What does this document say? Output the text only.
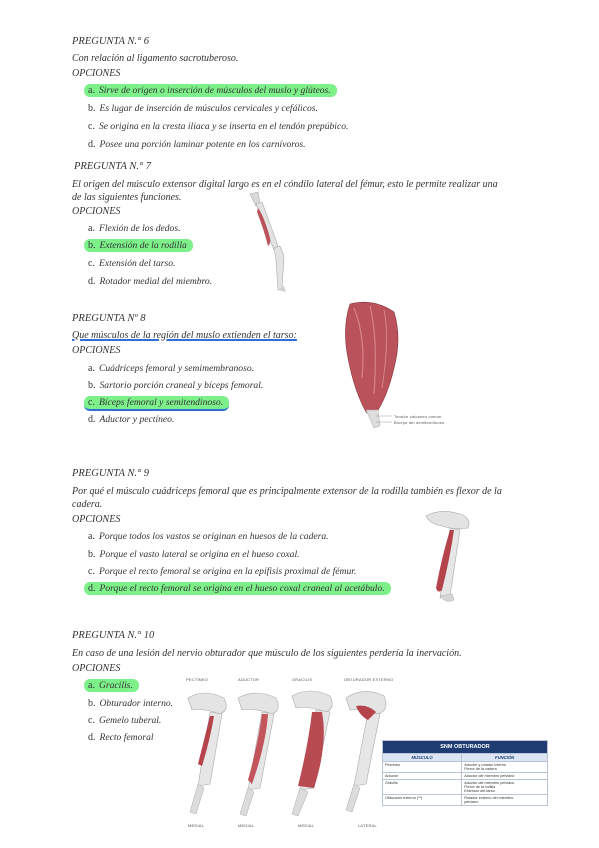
PREGUNTA N.° 6
Con relación al ligamento sacrotuberoso.
OPCIONES
a. Sirve de origen o inserción de músculos del muslo y glúteos.
b. Es lugar de inserción de músculos cervicales y cefálicos.
c. Se origina en la cresta iliaca y se inserta en el tendón prepúbico.
d. Posee una porción laminar potente en los carnívoros.
PREGUNTA N.° 7
El origen del músculo extensor digital largo es en el cóndilo lateral del fémur, esto le permite realizar una
de las siguientes funciones.
OPCIONES
a. Flexión de los dedos.
b. Extensión de la rodilla
c. Extensión del tarso.
d. Rotador medial del miembro.
PREGUNTA Nº 8
Que músculos de la región del muslo extienden el tarso:
OPCIONES
a. Cuádriceps femoral y semimembranoso.
b. Sartorio porción craneal y bíceps femoral.
c. Bíceps femoral y semitendinoso.
d. Aductor y pectíneo.	Tendón calcáneo común
Bíceps del semitendinoso
PREGUNTA N.° 9
Por qué el músculo cuádriceps femoral que es principalmente extensor de la rodilla también es flexor de la
cadera.
OPCIONES
a. Porque todos los vastos se originan en huesos de la cadera.
b. Porque el vasto lateral se origina en el hueso coxal.
c. Porque el recto femoral se origina en la epífisis proximal de fémur.
d. Porque el recto femoral se origina en el hueso coxal craneal al acetábulo.
PREGUNTA N.° 10
En caso de una lesión del nervio obturador que músculo de los siguientes perdería la inervación.
OPCIONES
a. Gracilis.
b. Obturador interno.
c. Gemelo tuberal.
d. Recto femoral
PECTÍNEO	ADUCTOR	GRACILIS	OBTURADOR EXTERNO
MEDIAL	MEDIAL	MEDIAL	LATERAL
SNM OBTURADOR	
MÚSCULO	FUNCIÓN
Pectíneo	Aductor y rotador interno
Flexor de la cadera
Aductor	Aductor del miembro pelviano
Gracilis	Aductor del miembro pelviano
Flexor de la rodilla
Extensor del tarso
Obturador externo (**)	Rotador externo del miembro
pelviano
